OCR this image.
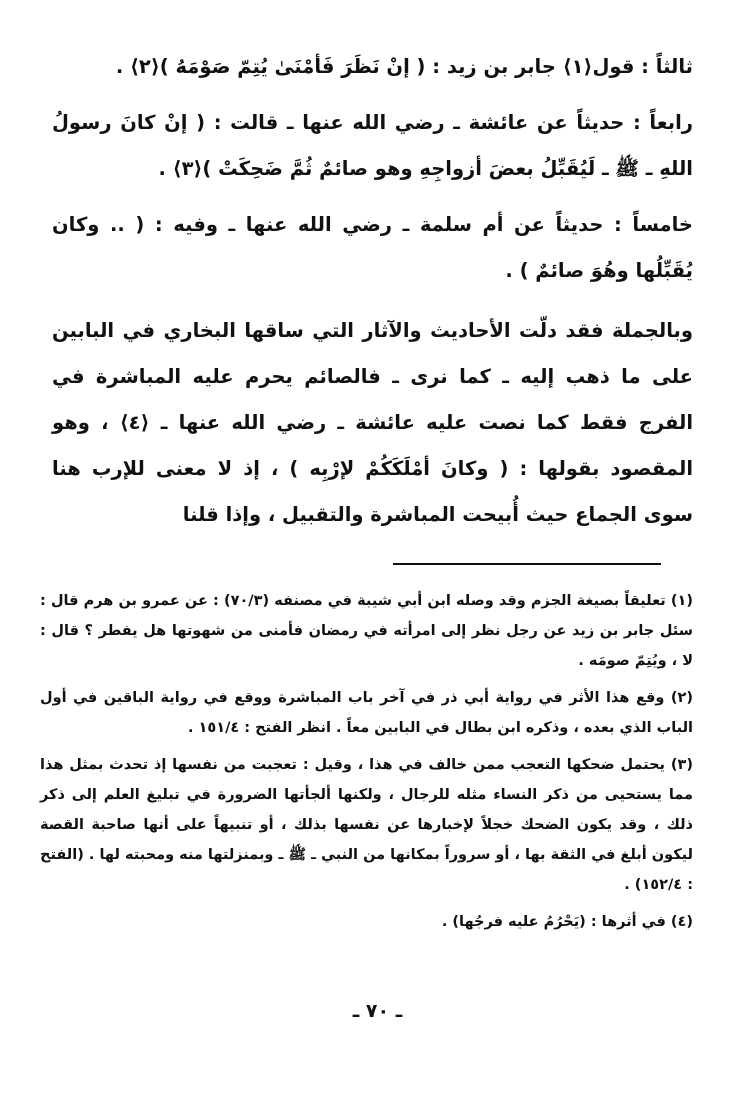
ثالثاً : قول⟨١⟩ جابر بن زيد : ( إنْ نَظَرَ فَأمْنَىٰ يُتِمّ صَوْمَهُ )⟨٢⟩ .

رابعاً : حديثاً عن عائشة ـ رضي الله عنها ـ قالت : ( إنْ كانَ رسولُ اللهِ ـ ﷺ ـ لَيُقَبِّلُ بعضَ أزواجِهِ وهو صائمٌ ثُمَّ ضَحِكَتْ )⟨٣⟩ .

خامساً : حديثاً عن أم سلمة ـ رضي الله عنها ـ وفيه : ( .. وكان يُقَبِّلُها وهُوَ صائمٌ ) .

وبالجملة فقد دلّت الأحاديث والآثار التي ساقها البخاري في البابين على ما ذهب إليه ـ كما نرى ـ فالصائم يحرم عليه المباشرة في الفرج فقط كما نصت عليه عائشة ـ رضي الله عنها ـ ⟨٤⟩ ، وهو المقصود بقولها : ( وكانَ أمْلَكَكُمْ لإرْبِه ) ، إذ لا معنى للإرب هنا سوى الجماع حيث أُبيحت المباشرة والتقبيل ، وإذا قلنا

(١) تعليقاً بصيغة الجزم وقد وصله ابن أبي شيبة في مصنفه (٧٠/٣) : عن عمرو بن هرم قال : سئل جابر بن زيد عن رجل نظر إلى امرأته في رمضان فأمنى من شهوتها هل يفطر ؟ قال : لا ، ويُتِمّ صومَه .

(٢) وقع هذا الأثر في رواية أبي ذر في آخر باب المباشرة ووقع في رواية الباقين في أول الباب الذي بعده ، وذكره ابن بطال في البابين معاً . انظر الفتح : ١٥١/٤ .

(٣) يحتمل ضحكها التعجب ممن خالف في هذا ، وقيل : تعجبت من نفسها إذ تحدث بمثل هذا مما يستحيى من ذكر النساء مثله للرجال ، ولكنها ألجأتها الضرورة في تبليغ العلم إلى ذكر ذلك ، وقد يكون الضحك خجلاً لإخبارها عن نفسها بذلك ، أو تنبيهاً على أنها صاحبة القصة ليكون أبلغ في الثقة بها ، أو سروراً بمكانها من النبي ـ ﷺ ـ وبمنزلتها منه ومحبته لها . (الفتح : ١٥٢/٤) .

(٤) في أثرها : (يَحْرُمُ عليه فرجُها) .

ـ ٧٠ ـ
